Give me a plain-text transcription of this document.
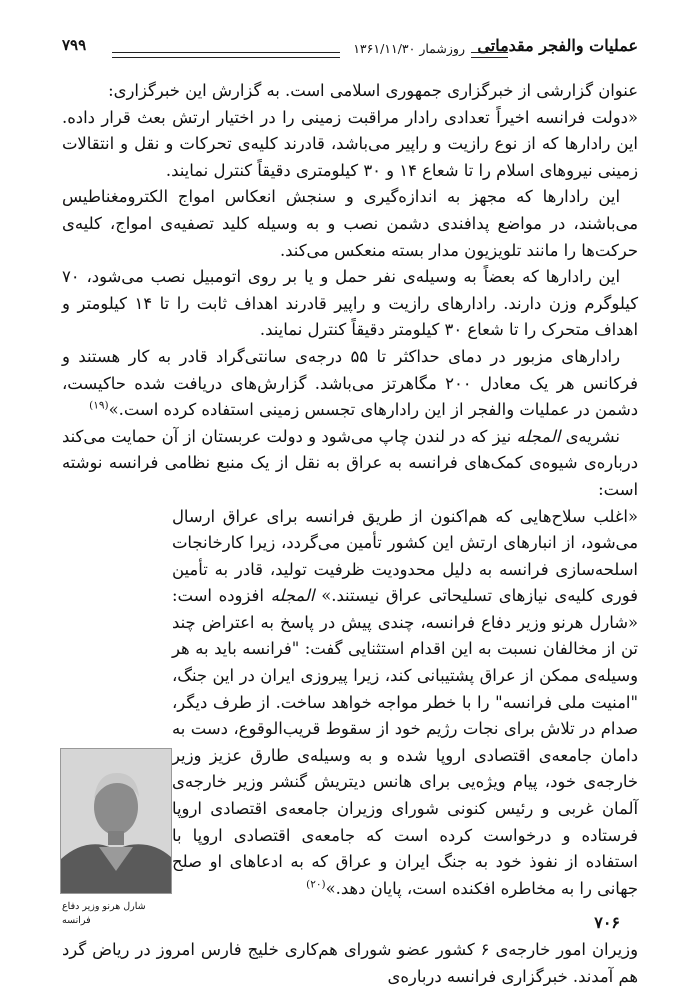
عملیات والفجر مقدماتی
روزشمار ۱۳۶۱/۱۱/۳۰
۷۹۹

عنوان گزارشی از خبرگزاری جمهوری اسلامی است. به گزارش این خبرگزاری:

«دولت فرانسه اخیراً تعدادی رادار مراقبت زمینی را در اختیار ارتش بعث قرار داده. این رادارها که از نوع رازیت و راپیر می‌باشد، قادرند کلیه‌ی تحرکات و نقل و انتقالات زمینی نیروهای اسلام را تا شعاع ۱۴ و ۳۰ کیلومتری دقیقاً کنترل نمایند.

این رادارها که مجهز به اندازه‌گیری و سنجش انعکاس امواج الکترومغناطیس می‌باشند، در مواضع پدافندی دشمن نصب و به وسیله کلید تصفیه‌ی امواج، کلیه‌ی حرکت‌ها را مانند تلویزیون مدار بسته منعکس می‌کند.

این رادارها که بعضاً به وسیله‌ی نفر حمل و یا بر روی اتومبیل نصب می‌شود، ۷۰ کیلوگرم وزن دارند. رادارهای رازیت و راپیر قادرند اهداف ثابت را تا ۱۴ کیلومتر و اهداف متحرک را تا شعاع ۳۰ کیلومتر دقیقاً کنترل نمایند.

رادارهای مزبور در دمای حداکثر تا ۵۵ درجه‌ی سانتی‌گراد قادر به کار هستند و فرکانس هر یک معادل ۲۰۰ مگاهرتز می‌باشد. گزارش‌های دریافت شده حاکیست، دشمن در عملیات والفجر از این رادارهای تجسس زمینی استفاده کرده است.»$^{(۱۹)}$

نشریه‌ی المجله نیز که در لندن چاپ می‌شود و دولت عربستان از آن حمایت می‌کند درباره‌ی شیوه‌ی کمک‌های فرانسه به عراق به نقل از یک منبع نظامی فرانسه نوشته است:

شارل هرنو وزیر دفاع فرانسه

«اغلب سلاح‌هایی که هم‌اکنون از طریق فرانسه برای عراق ارسال می‌شود، از انبارهای ارتش این کشور تأمین می‌گردد، زیرا کارخانجات اسلحه‌سازی فرانسه به دلیل محدودیت ظرفیت تولید، قادر به تأمین فوری کلیه‌ی نیازهای تسلیحاتی عراق نیستند.» المجله افزوده است: «شارل هرنو وزیر دفاع فرانسه، چندی پیش در پاسخ به اعتراض چند تن از مخالفان نسبت به این اقدام استثنایی گفت: "فرانسه باید به هر وسیله‌ی ممکن از عراق پشتیبانی کند، زیرا پیروزی ایران در این جنگ، "امنیت ملی فرانسه" را با خطر مواجه خواهد ساخت. از طرف دیگر، صدام در تلاش برای نجات رژیم خود از سقوط قریب‌الوقوع، دست به دامان جامعه‌ی اقتصادی اروپا شده و به وسیله‌ی طارق عزیز وزیر خارجه‌ی خود، پیام ویژه‌یی برای هانس دیتریش گنشر وزیر خارجه‌ی آلمان غربی و رئیس کنونی شورای وزیران جامعه‌ی اقتصادی اروپا فرستاده و درخواست کرده است که جامعه‌ی اقتصادی اروپا با استفاده از نفوذ خود به جنگ ایران و عراق که به ادعاهای او صلح جهانی را به مخاطره افکنده است، پایان دهد.»$^{(۲۰)}$

۷۰۶

وزیران امور خارجه‌ی ۶ کشور عضو شورای هم‌کاری خلیج فارس امروز در ریاض گرد هم آمدند. خبرگزاری فرانسه درباره‌ی
